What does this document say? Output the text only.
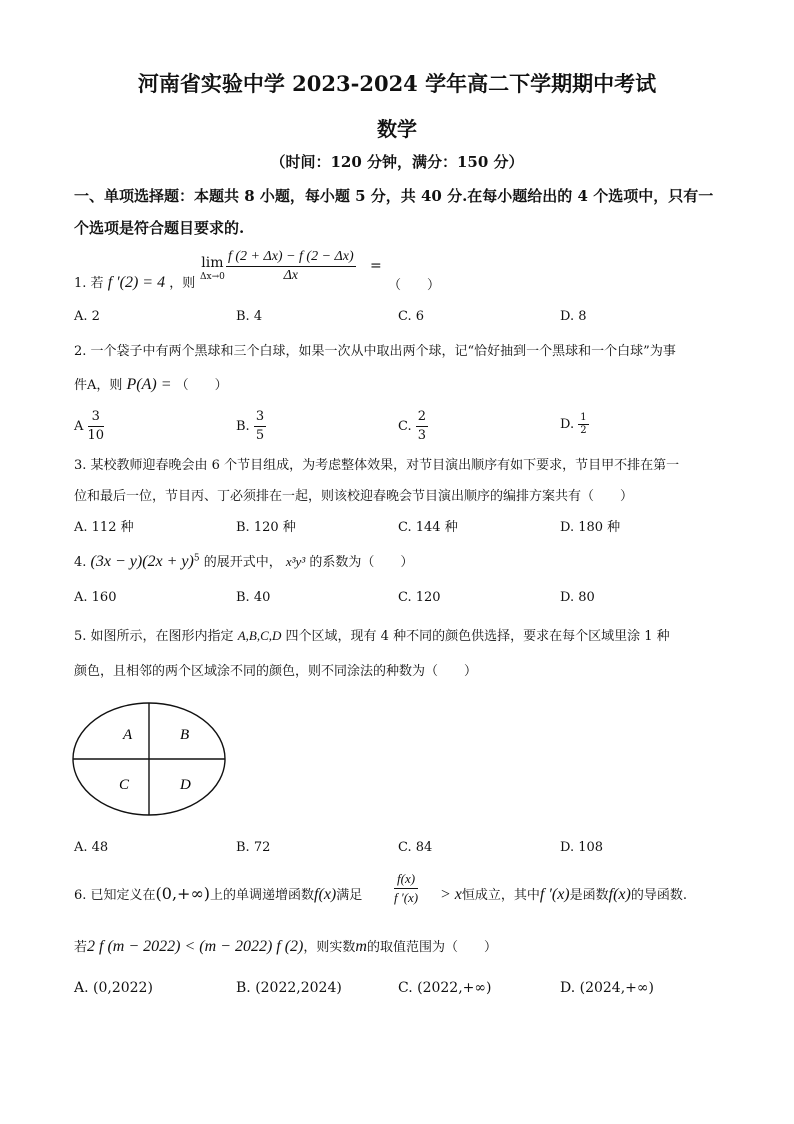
河南省实验中学 2023-2024 学年高二下学期期中考试
数学
（时间：120 分钟，满分：150 分）
一、单项选择题：本题共 8 小题，每小题 5 分，共 40 分.在每小题给出的 4 个选项中，只有一个选项是符合题目要求的.
1. 若 f ′(2) = 4 ，则
lim
$\Delta x\to 0 \frac{f (2 + \Delta x) - f (2 - \Delta x)}{\Delta x}$ =
（　　）
A. 2	B. 4	C. 6	D. 8
2. 一个袋子中有两个黑球和三个白球，如果一次从中取出两个球，记“恰好抽到一个黑球和一个白球”为事
件A，则 P(A) = （　　）
A $\frac{3}{10}$	B. $\frac{3}{5}$	C. $\frac{2}{3}$	D. $\frac{1}{2}$
3. 某校教师迎春晚会由 6 个节目组成，为考虑整体效果，对节目演出顺序有如下要求，节目甲不排在第一
位和最后一位，节目丙、丁必须排在一起，则该校迎春晚会节目演出顺序的编排方案共有（　　）
A. 112 种	B. 120 种	C. 144 种	D. 180 种
4. $(3x - y)(2x + y)^5$ 的展开式中， x³y³ 的系数为（　　）
A. 160	B. 40	C. 120	D. 80
5. 如图所示，在图形内指定 A,B,C,D 四个区域，现有 4 种不同的颜色供选择，要求在每个区域里涂 1 种
颜色，且相邻的两个区域涂不同的颜色，则不同涂法的种数为（　　）
A	B
C	D
A. 48	B. 72	C. 84	D. 108
6. 已知定义在(0,+∞)上的单调递增函数f(x)满足 $\frac{f(x)}{f '(x)} > x$恒成立，其中f ′(x)是函数f(x)的导函数.
若2 f (m − 2022) < (m − 2022) f (2)，则实数m的取值范围为（　　）
A. (0,2022)	B. (2022,2024)	C. (2022,+∞)	D. (2024,+∞)
